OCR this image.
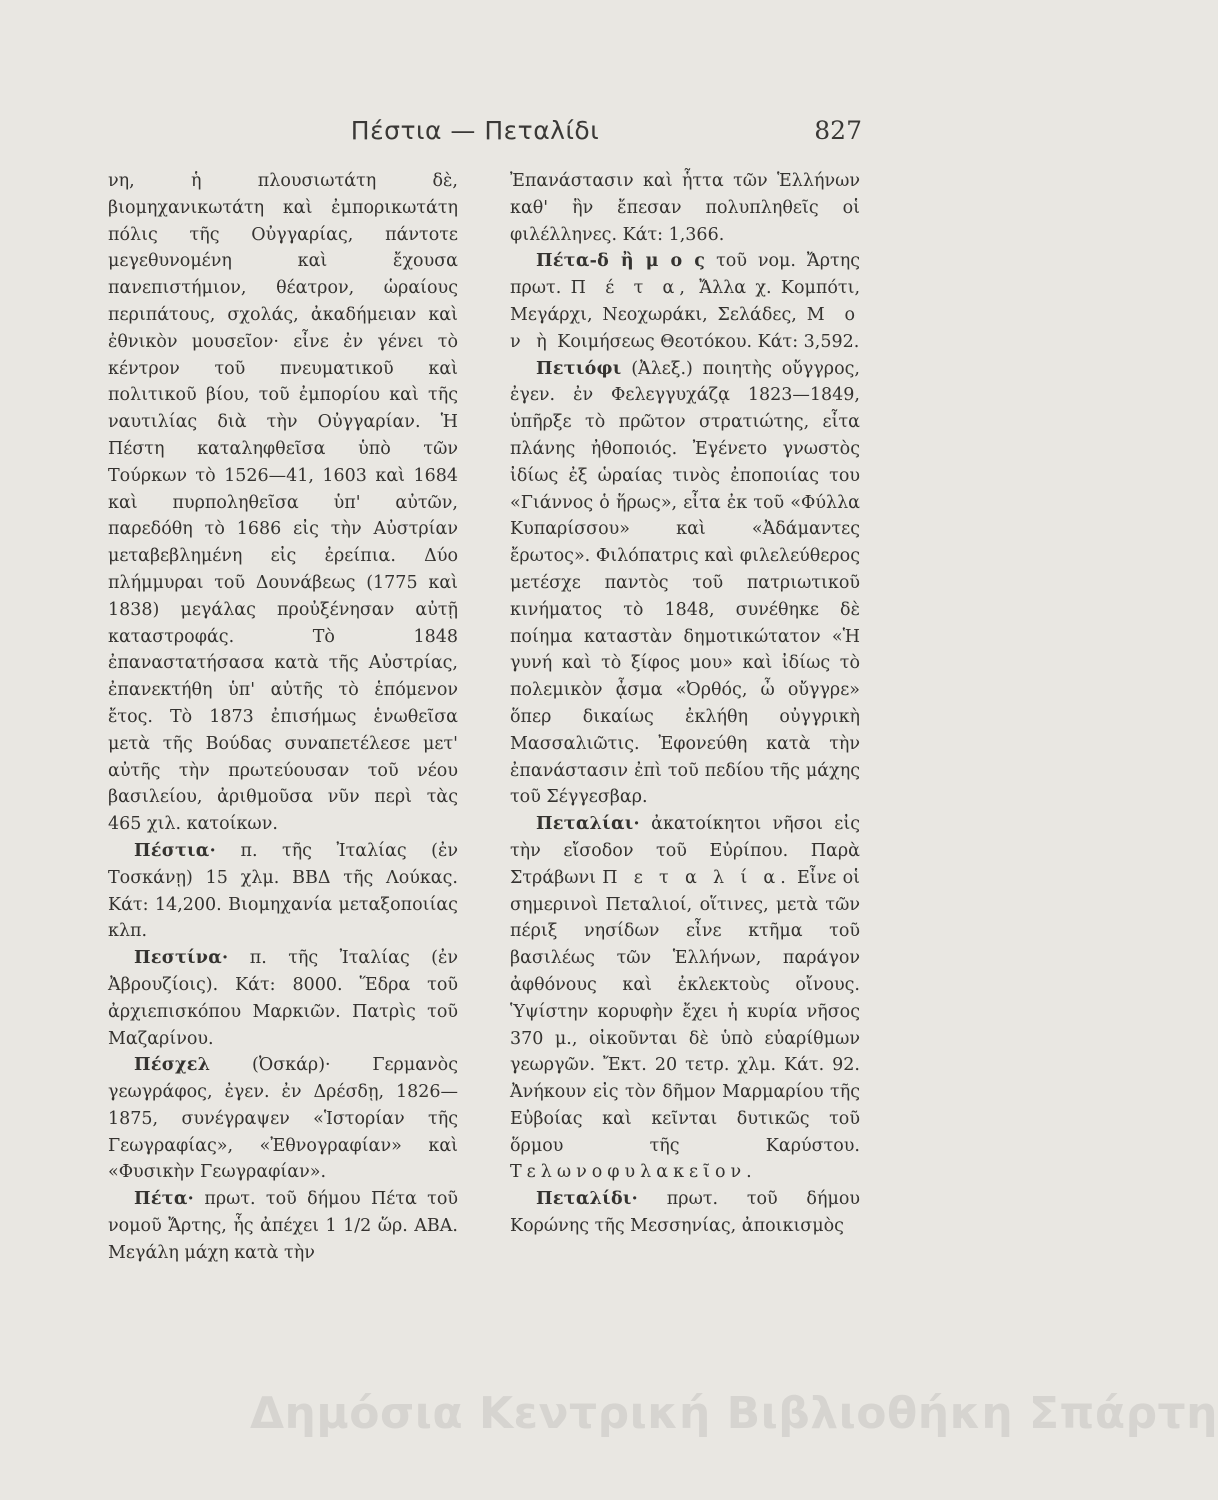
Πέστια — Πεταλίδι	827

νη, ἡ πλουσιωτάτη δὲ, βιομηχανικωτάτη καὶ ἐμπορικωτάτη πόλις τῆς Οὐγγαρίας, πάντοτε μεγεθυνομένη καὶ ἔχουσα πανεπιστήμιον, θέατρον, ὡραίους περιπάτους, σχολάς, ἀκαδήμειαν καὶ ἐθνικὸν μουσεῖον· εἶνε ἐν γένει τὸ κέντρον τοῦ πνευματικοῦ καὶ πολιτικοῦ βίου, τοῦ ἐμπορίου καὶ τῆς ναυτιλίας διὰ τὴν Οὐγγαρίαν. Ἡ Πέστη καταληφθεῖσα ὑπὸ τῶν Τούρκων τὸ 1526—41, 1603 καὶ 1684 καὶ πυρποληθεῖσα ὑπ' αὐτῶν, παρεδόθη τὸ 1686 εἰς τὴν Αὐστρίαν μεταβεβλημένη εἰς ἐρείπια. Δύο πλήμμυραι τοῦ Δουνάβεως (1775 καὶ 1838) μεγάλας προὐξένησαν αὐτῇ καταστροφάς. Τὸ 1848 ἐπαναστατήσασα κατὰ τῆς Αὐστρίας, ἐπανεκτήθη ὑπ' αὐτῆς τὸ ἑπόμενον ἔτος. Τὸ 1873 ἐπισήμως ἑνωθεῖσα μετὰ τῆς Βούδας συναπετέλεσε μετ' αὐτῆς τὴν πρωτεύουσαν τοῦ νέου βασιλείου, ἀριθμοῦσα νῦν περὶ τὰς 465 χιλ. κατοίκων.

Πέστια· π. τῆς Ἰταλίας (ἐν Τοσκάνῃ) 15 χλμ. ΒΒΔ τῆς Λούκας. Κάτ: 14,200. Βιομηχανία μεταξοποιίας κλπ.

Πεστίνα· π. τῆς Ἰταλίας (ἐν Ἀβρουζίοις). Κάτ: 8000. Ἕδρα τοῦ ἀρχιεπισκόπου Μαρκιῶν. Πατρὶς τοῦ Μαζαρίνου.

Πέσχελ (Ὀσκάρ)· Γερμανὸς γεωγράφος, ἐγεν. ἐν Δρέσδῃ, 1826—1875, συνέγραψεν «Ἱστορίαν τῆς Γεωγραφίας», «Ἐθνογραφίαν» καὶ «Φυσικὴν Γεωγραφίαν».

Πέτα· πρωτ. τοῦ δήμου Πέτα τοῦ νομοῦ Ἄρτης, ἧς ἀπέχει 1 1/2 ὥρ. ΑΒΑ. Μεγάλη μάχη κατὰ τὴν

Ἐπανάστασιν καὶ ἧττα τῶν Ἑλλήνων καθ' ἣν ἔπεσαν πολυπληθεῖς οἱ φιλέλληνες. Κάτ: 1,366.

Πέτα-δ ἢ μ ο ς τοῦ νομ. Ἄρτης πρωτ. Π έ τ α, Ἄλλα χ. Κομπότι, Μεγάρχι, Νεοχωράκι, Σελάδες, Μ ο ν ὴ Κοιμήσεως Θεοτόκου. Κάτ: 3,592.

Πετιόφι (Ἀλεξ.) ποιητὴς οὔγγρος, ἐγεν. ἐν Φελεγγυχάζᾳ 1823—1849, ὑπῆρξε τὸ πρῶτον στρατιώτης, εἶτα πλάνης ἠθοποιός. Ἐγένετο γνωστὸς ἰδίως ἐξ ὡραίας τινὸς ἐποποιίας του «Γιάννος ὁ ἥρως», εἶτα ἐκ τοῦ «Φύλλα Κυπαρίσσου» καὶ «Ἀδάμαντες ἔρωτος». Φιλόπατρις καὶ φιλελεύθερος μετέσχε παντὸς τοῦ πατριωτικοῦ κινήματος τὸ 1848, συνέθηκε δὲ ποίημα καταστὰν δημοτικώτατον «Ἡ γυνή καὶ τὸ ξίφος μου» καὶ ἰδίως τὸ πολεμικὸν ᾆσμα «Ὀρθός, ὦ οὔγγρε» ὅπερ δικαίως ἐκλήθη οὐγγρικὴ Μασσαλιῶτις. Ἐφονεύθη κατὰ τὴν ἐπανάστασιν ἐπὶ τοῦ πεδίου τῆς μάχης τοῦ Σέγγεσβαρ.

Πεταλίαι· ἀκατοίκητοι νῆσοι εἰς τὴν εἴσοδον τοῦ Εὐρίπου. Παρὰ Στράβωνι Π ε τ α λ ί α. Εἶνε οἱ σημερινοὶ Πεταλιοί, οἵτινες, μετὰ τῶν πέριξ νησίδων εἶνε κτῆμα τοῦ βασιλέως τῶν Ἑλλήνων, παράγον ἀφθόνους καὶ ἐκλεκτοὺς οἴνους. Ὑψίστην κορυφὴν ἔχει ἡ κυρία νῆσος 370 μ., οἰκοῦνται δὲ ὑπὸ εὐαρίθμων γεωργῶν. Ἔκτ. 20 τετρ. χλμ. Κάτ. 92. Ἀνήκουν εἰς τὸν δῆμον Μαρμαρίου τῆς Εὐβοίας καὶ κεῖνται δυτικῶς τοῦ ὅρμου τῆς Καρύστου. Τελωνοφυλακεῖον.

Πεταλίδι· πρωτ. τοῦ δήμου Κορώνης τῆς Μεσσηνίας, ἀποικισμὸς

Δημόσια Κεντρική Βιβλιοθήκη Σπάρτη
